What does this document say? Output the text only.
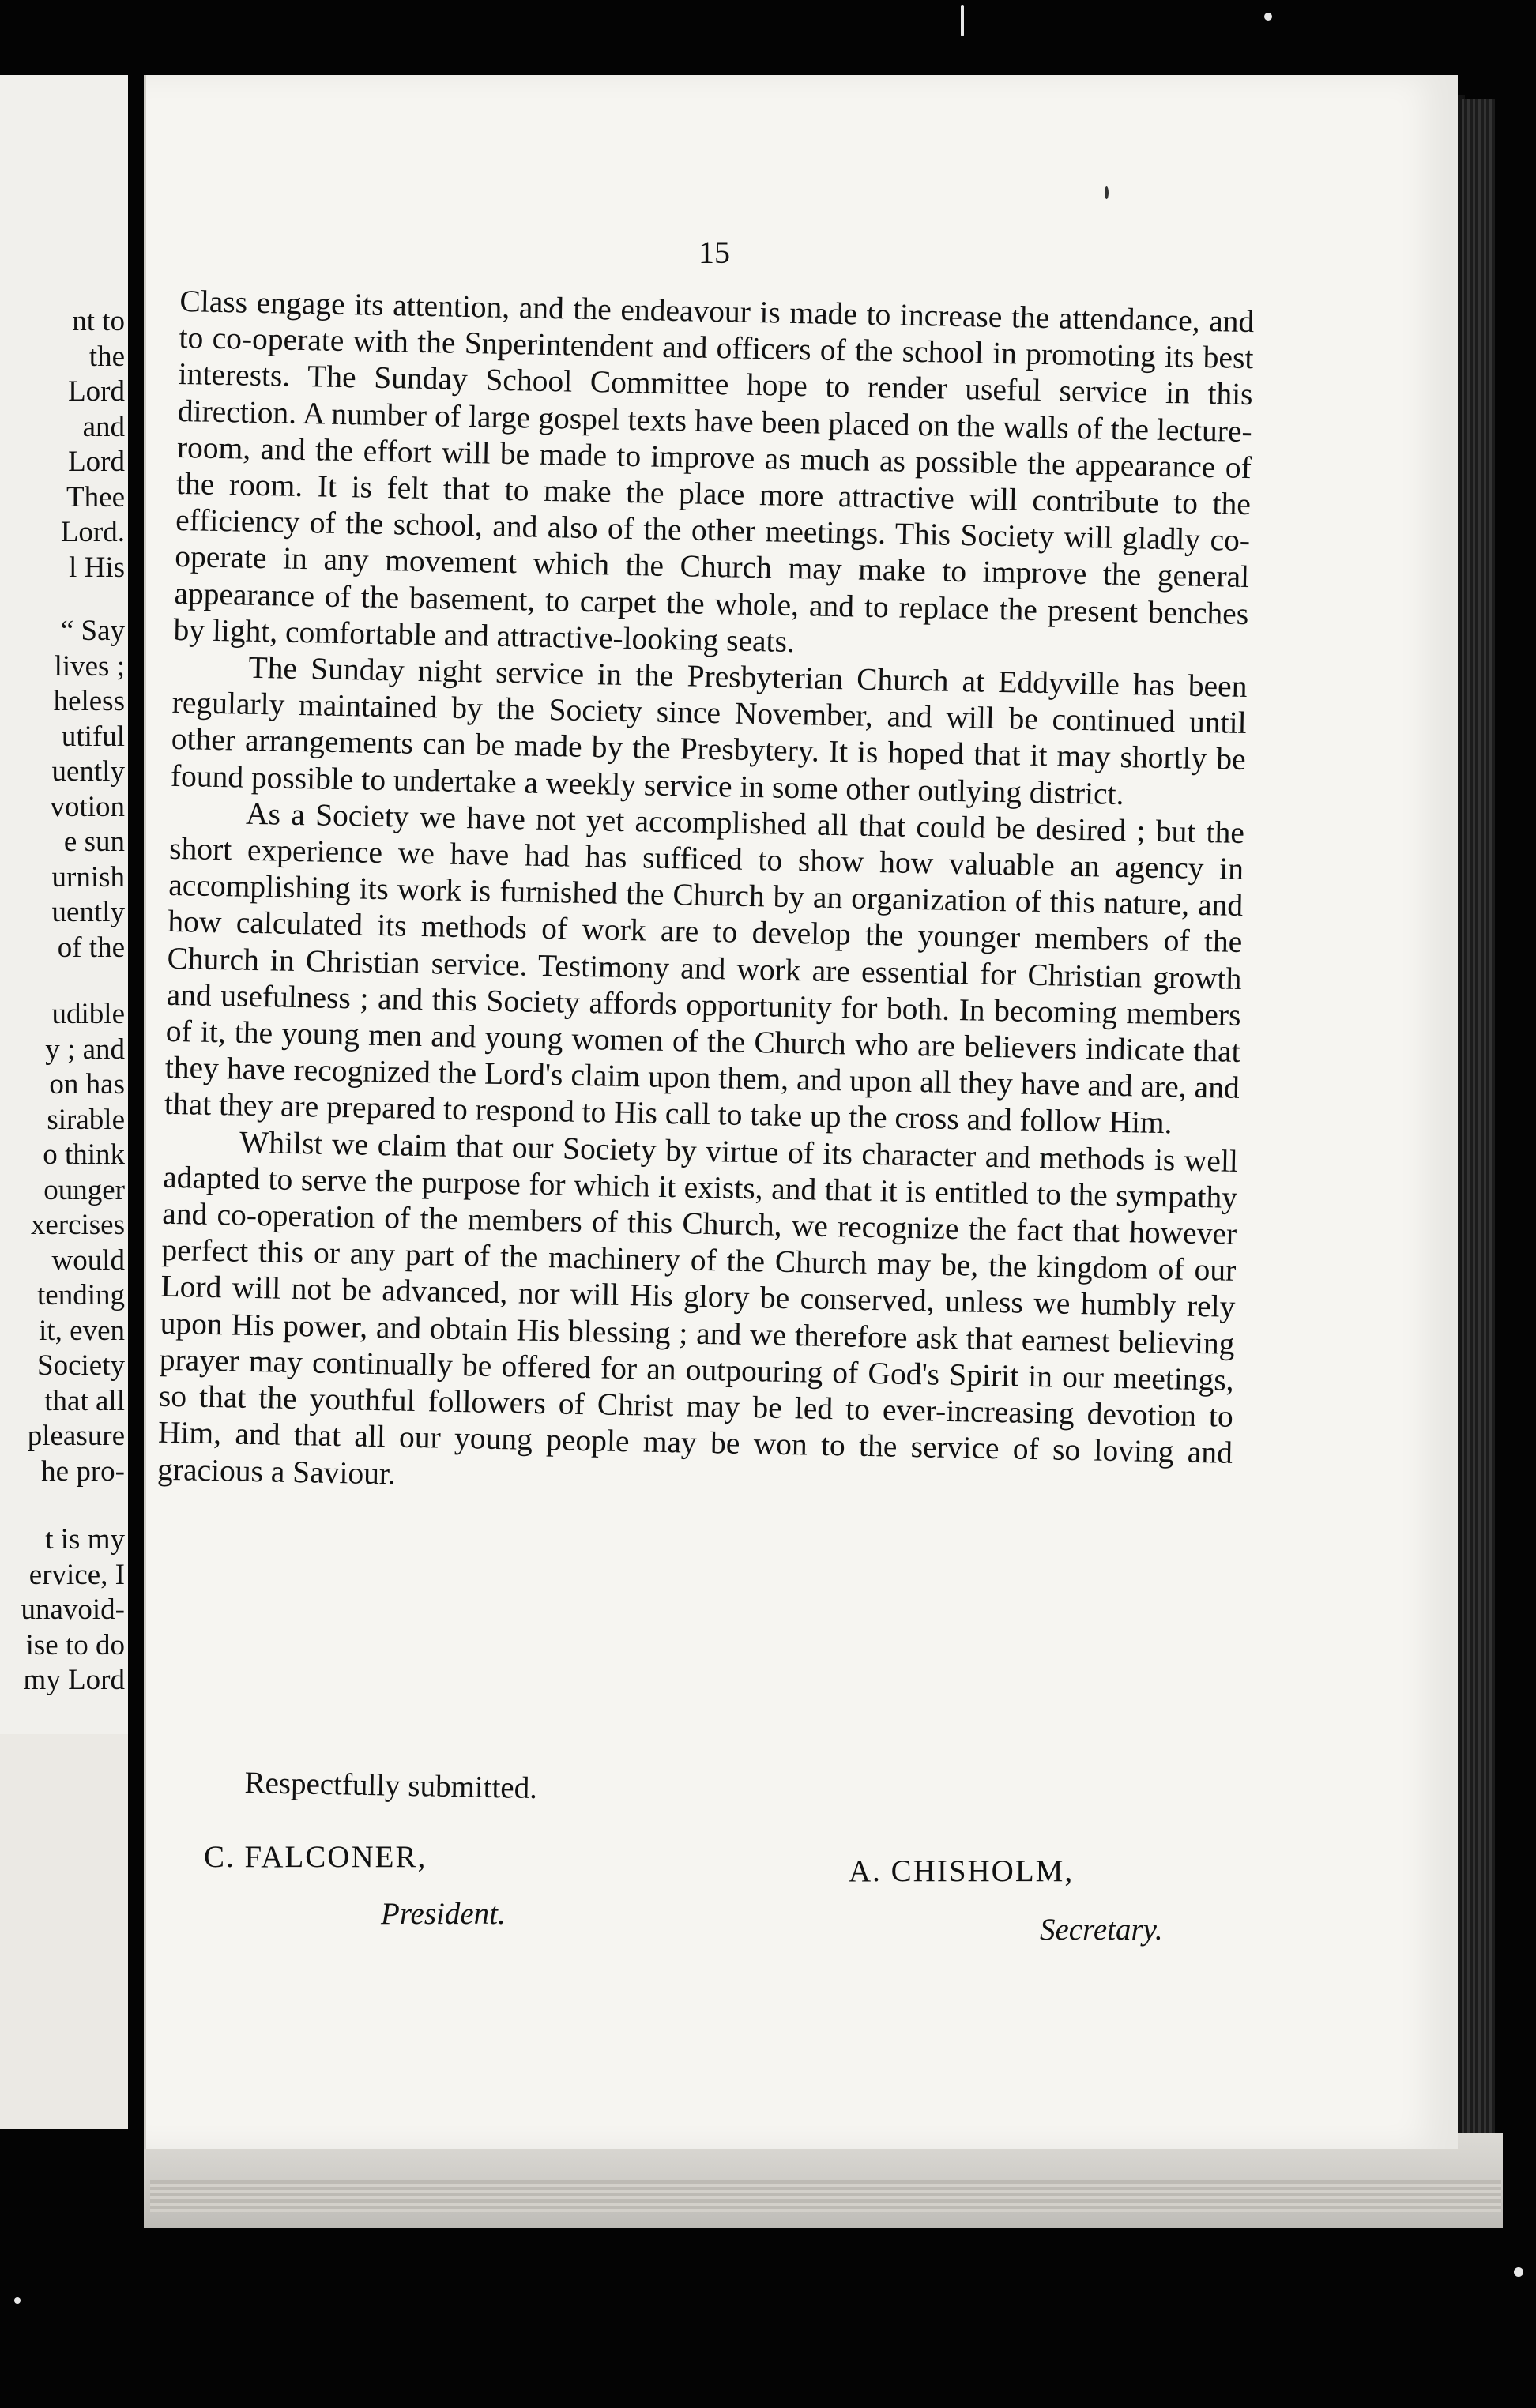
nt to
the
Lord
and
Lord
Thee
Lord.
l His
“ Say
lives ;
heless
utiful
uently
votion
e sun
urnish
uently
of the
udible
y ; and
on has
sirable
o think
ounger
xercises
would
tending
it, even
Society
that all
pleasure
he pro-
t is my
ervice, I
unavoid-
ise to do
my Lord
15

Class engage its attention, and the endeavour is made to increase the attendance, and to co-operate with the Snperintendent and officers of the school in promoting its best interests. The Sunday School Committee hope to render useful service in this direction. A number of large gospel texts have been placed on the walls of the lecture-room, and the effort will be made to improve as much as possible the appearance of the room. It is felt that to make the place more attractive will contribute to the efficiency of the school, and also of the other meetings. This Society will gladly co-operate in any movement which the Church may make to improve the general appearance of the basement, to carpet the whole, and to replace the present benches by light, comfortable and attractive-looking seats.

The Sunday night service in the Presbyterian Church at Eddyville has been regularly maintained by the Society since November, and will be continued until other arrangements can be made by the Presbytery. It is hoped that it may shortly be found possible to undertake a weekly service in some other outlying district.

As a Society we have not yet accomplished all that could be desired ; but the short experience we have had has sufficed to show how valuable an agency in accomplishing its work is furnished the Church by an organization of this nature, and how calculated its methods of work are to develop the younger members of the Church in Christian service. Testimony and work are essential for Christian growth and usefulness ; and this Society affords opportunity for both. In becoming members of it, the young men and young women of the Church who are believers indicate that they have recognized the Lord's claim upon them, and upon all they have and are, and that they are prepared to respond to His call to take up the cross and follow Him.

Whilst we claim that our Society by virtue of its character and methods is well adapted to serve the purpose for which it exists, and that it is entitled to the sympathy and co-operation of the members of this Church, we recognize the fact that however perfect this or any part of the machinery of the Church may be, the kingdom of our Lord will not be advanced, nor will His glory be conserved, unless we humbly rely upon His power, and obtain His blessing ; and we therefore ask that earnest believing prayer may continually be offered for an outpouring of God's Spirit in our meetings, so that the youthful followers of Christ may be led to ever-increasing devotion to Him, and that all our young people may be won to the service of so loving and gracious a Saviour.

Respectfully submitted.
C. FALCONER,
President.
A. CHISHOLM,
Secretary.
